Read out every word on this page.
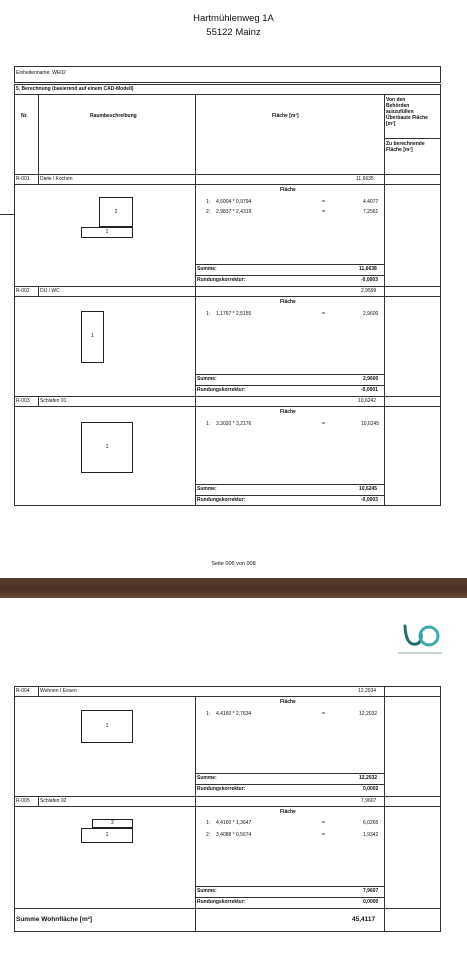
Hartmühlenweg 1A
55122 Mainz
Einheitenname: WE02
5. Berechnung (basierend auf einem CAD-Modell)
Nr.	Raumbeschreibung	Fläche [m²]
Von den
Behörden
auszufüllen
Überbaute Fläche
[m²]
Zu berechnende
Fläche [m²]
R-001 Diele / Kochen	11,6635
2
1
Fläche
1: 4,6004 * 0,9794	=	4,4077
2: 2,9837 * 2,4319	=	7,2561
Summe:	11,6638
Rundungskorrektur:	-0,0003
R-002 DU / WC	2,9599
1
Fläche
1: 1,1767 * 2,5155	=	2,9600
Summe:	2,9600
Rundungskorrektur:	-0,0001
R-003 Schlafen 01	10,6242
1
Fläche
1: 3,3020 * 3,2176	=	10,6245
Summe:	10,6245
Rundungskorrektur:	-0,0003
Seite 006 von 008
R-004 Wohnen / Essen	12,2034
1
Fläche
1: 4,4160 * 2,7634	=	12,2032
Summe:	12,2032
Rundungskorrektur:	0,0002
R-005 Schlafen 02	7,9607
2
1
Fläche
1: 4,4160 * 1,3647	=	6,0265
2: 3,4088 * 0,5674	=	1,9342
Summe:	7,9607
Rundungskorrektur:	0,0000
Summe Wohnfläche [m²]	45,4117
